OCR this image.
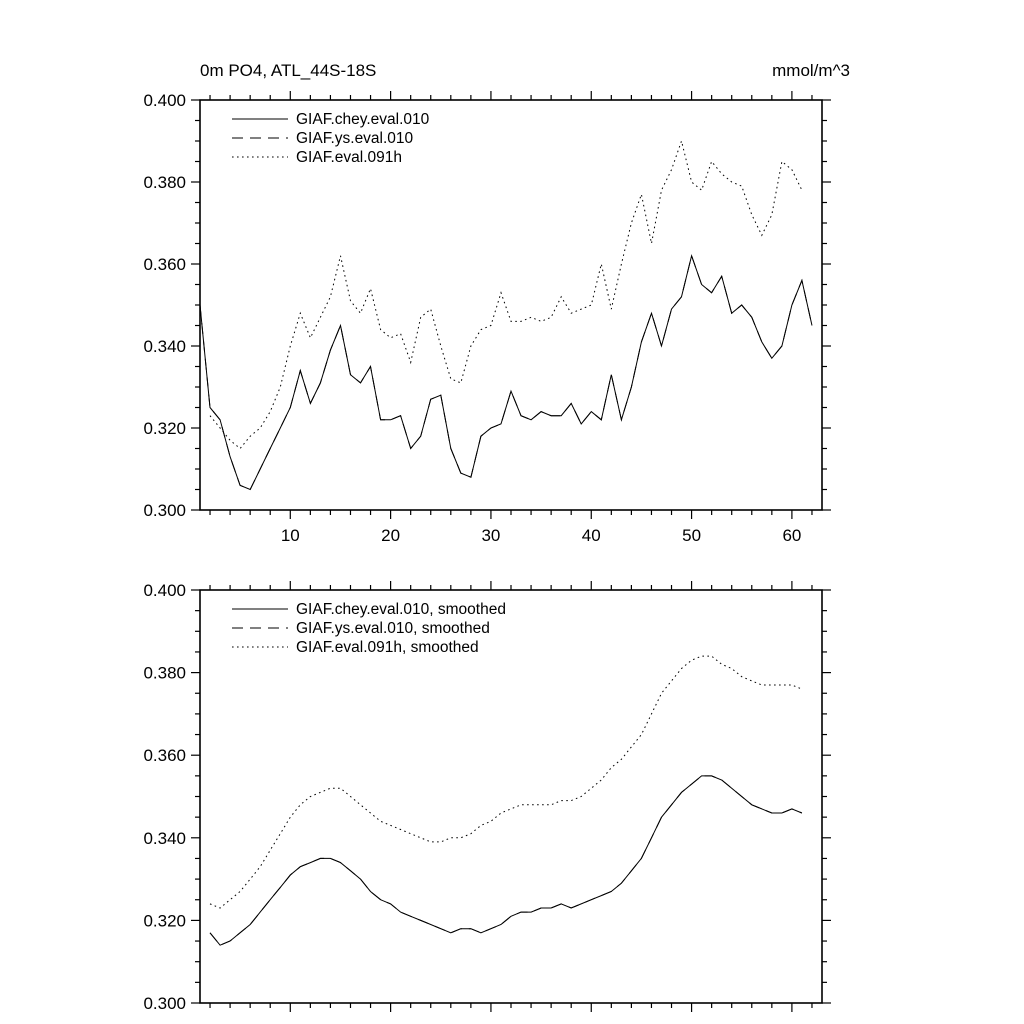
0.300
0.320
0.340
0.360
0.380
0.400
10	20	30	40	50	60
GIAF.chey.eval.010
GIAF.ys.eval.010
GIAF.eval.091h
0.300
0.320
0.340
0.360
0.380
0.400
GIAF.chey.eval.010, smoothed
GIAF.ys.eval.010, smoothed
GIAF.eval.091h, smoothed
0m PO4, ATL_44S-18S	mmol/m^3
